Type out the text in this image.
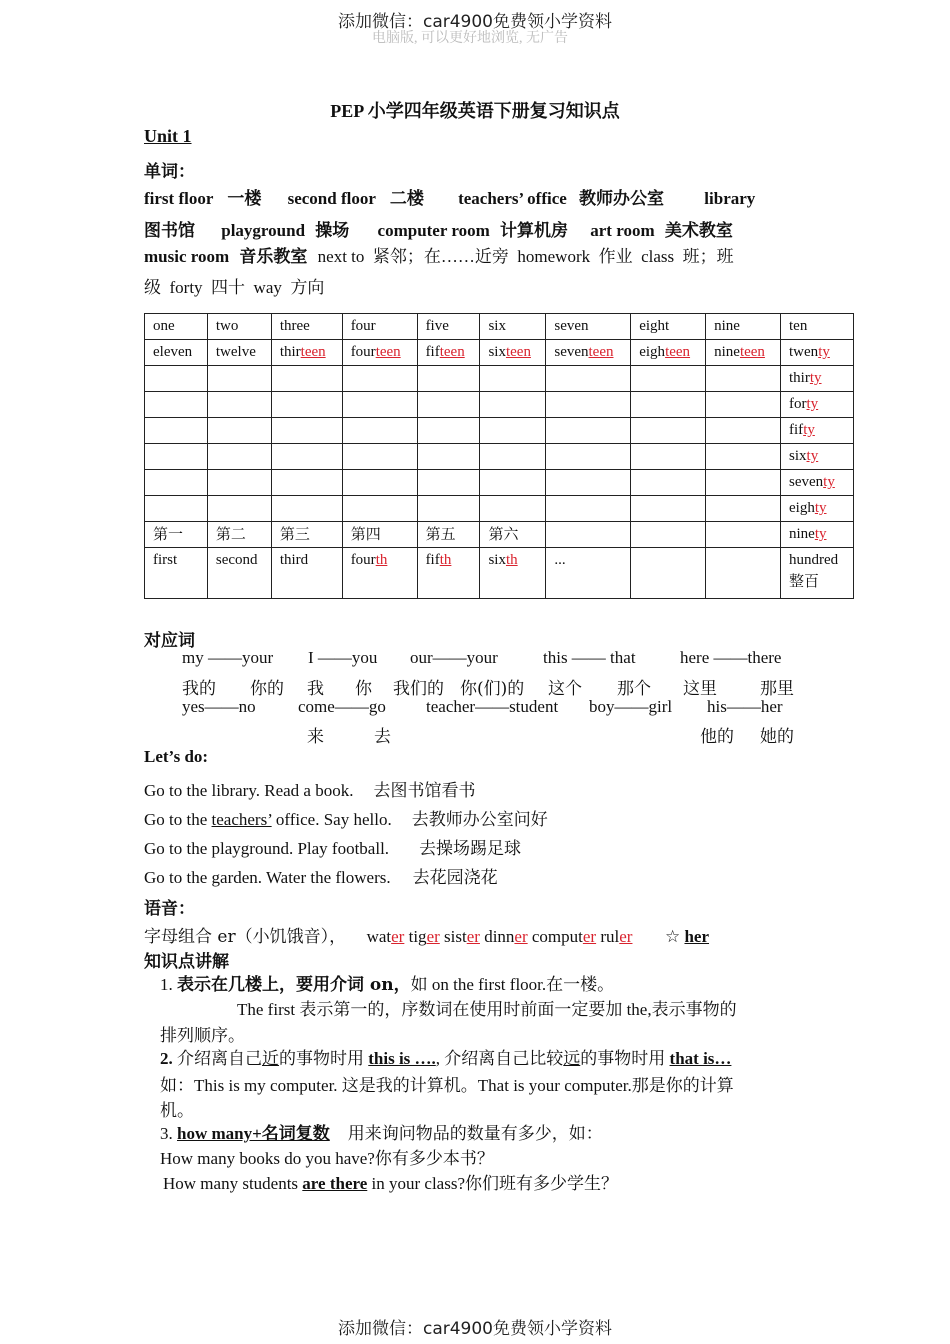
添加微信：car4900免费领小学资料
电脑版, 可以更好地浏览, 无广告
PEP 小学四年级英语下册复习知识点
Unit 1
单词：
first floor 一楼 second floor 二楼 teachers’ office 教师办公室 library
图书馆 playground 操场 computer room 计算机房 art room 美术教室
music room 音乐教室 next to  紧邻；在……近旁  homework  作业  class  班；班
级  forty  四十  way  方向
one	two	three	four	five	six	seven	eight	nine	ten
eleven	twelve	thirteen	fourteen	fifteen	sixteen	seventeen	eighteen	nineteen	twenty
									thirty
									forty
									fifty
									sixty
									seventy
									eighty
第一	第二	第三	第四	第五	第六				ninety
first	second	third	fourth	fifth	sixth	...			hundred
整百
对应词
my ——your I ——you our——your	this —— that	here ——there
我的 你的 我 你 我们的 你(们)的 这个 那个 这里	那里
yes——no come——go teacher——student boy——girl his——her
来	去	他的 她的
Let’s do:
Go to the library. Read a book. 去图书馆看书
Go to the teachers’ office. Say hello. 去教师办公室问好
Go to the playground. Play football. 去操场踢足球
Go to the garden. Water the flowers. 去花园浇花
语音：
字母组合 er（小饥饿音）， water tiger sister dinner computer ruler ☆ her
知识点讲解
1. 表示在几楼上，要用介词 on，如 on the first floor.在一楼。
The first 表示第一的，序数词在使用时前面一定要加 the,表示事物的
排列顺序。
2. 介绍离自己近的事物时用 this is …., 介绍离自己比较远的事物时用 that is…
如：This is my computer. 这是我的计算机。That is your computer.那是你的计算
机。
3. how many+名词复数 用来询问物品的数量有多少，如：
How many books do you have?你有多少本书？
How many students are there in your class?你们班有多少学生？
添加微信：car4900免费领小学资料
